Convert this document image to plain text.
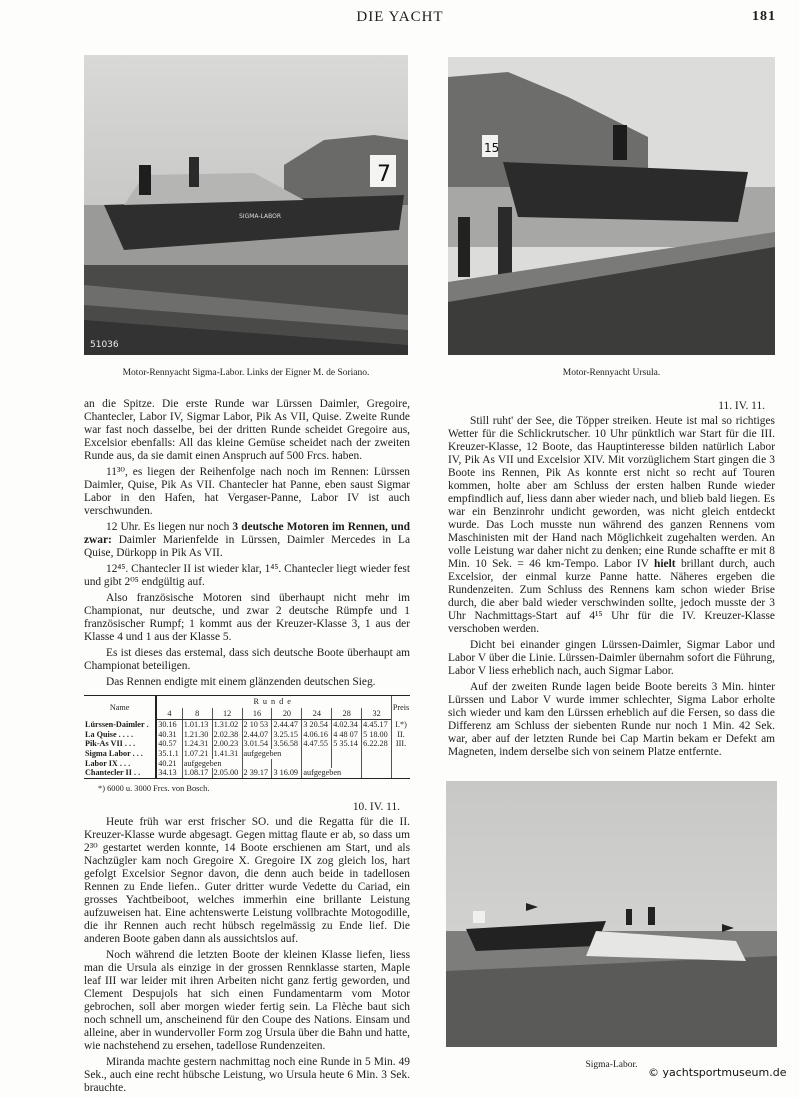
DIE YACHT	181
SIGMA-LABOR
7
51036
Motor-Rennyacht Sigma-Labor. Links der Eigner M. de Soriano.
15
Motor-Rennyacht Ursula.

an die Spitze. Die erste Runde war Lürssen Daimler, Gregoire, Chantecler, Labor IV, Sigmar Labor, Pik As VII, Quise. Zweite Runde war fast noch dasselbe, bei der dritten Runde scheidet Gregoire aus, Excelsior ebenfalls: All das kleine Gemüse scheidet nach der zweiten Runde aus, da sie damit einen Anspruch auf 500 Frcs. haben.

11³⁰, es liegen der Reihenfolge nach noch im Rennen: Lürssen Daimler, Quise, Pik As VII. Chantecler hat Panne, eben saust Sigmar Labor in den Hafen, hat Vergaser-Panne, Labor IV ist auch verschwunden.

12 Uhr. Es liegen nur noch 3 deutsche Motoren im Rennen, und zwar: Daimler Marienfelde in Lürssen, Daimler Mercedes in La Quise, Dürkopp in Pik As VII.

12⁴⁵. Chantecler II ist wieder klar, 1⁴⁵. Chantecler liegt wieder fest und gibt 2⁰⁵ endgültig auf.

Also französische Motoren sind überhaupt nicht mehr im Championat, nur deutsche, und zwar 2 deutsche Rümpfe und 1 französischer Rumpf; 1 kommt aus der Kreuzer-Klasse 3, 1 aus der Klasse 4 und 1 aus der Klasse 5.

Es ist dieses das erstemal, dass sich deutsche Boote überhaupt am Championat beteiligen.

Das Rennen endigte mit einem glänzenden deutschen Sieg.

Name	Runde								Preis
	4	8	12	16	20	24	28	32	
Lürssen-Daimler .	30.16	1.01.13	1.31.02	2 10 53	2.44.47	3 20.54	4.02.34	4.45.17	I.*)
La Quise . . . .	40.31	1.21.30	2.02.38	2.44.07	3.25.15	4.06.16	4 48 07	5 18.00	II.
Pik-As VII . . .	40.57	1.24.31	2.00.23	3.01.54	3.56.58	4.47.55	5 35.14	6.22.28	III.
Sigma Labor . . .	35.1.1	1.07.21	1.41.31	aufgegeben					
Labor IX . . .	40.21	aufgegeben							
Chantecler II . .	34.13	1.08.17	2.05.00	2 39.17	3 16.09	aufgegeben			
*) 6000 u. 3000 Frcs. von Bosch.
10. IV. 11.

Heute früh war erst frischer SO. und die Regatta für die II. Kreuzer-Klasse wurde abgesagt. Gegen mittag flaute er ab, so dass um 2³⁰ gestartet werden konnte, 14 Boote erschienen am Start, und als Nachzügler kam noch Gregoire X. Gregoire IX zog gleich los, hart gefolgt Excelsior Segnor davon, die denn auch beide in tadellosen Rennen zu Ende liefen.. Guter dritter wurde Vedette du Cariad, ein grosses Yachtbeiboot, welches immerhin eine brillante Leistung aufzuweisen hat. Eine achtenswerte Leistung vollbrachte Motogodille, die ihr Rennen auch recht hübsch regelmässig zu Ende lief. Die anderen Boote gaben dann als aussichtslos auf.

Noch während die letzten Boote der kleinen Klasse liefen, liess man die Ursula als einzige in der grossen Rennklasse starten, Maple leaf III war leider mit ihren Arbeiten nicht ganz fertig geworden, und Clement Despujols hat sich einen Fundamentarm vom Motor gebrochen, soll aber morgen wieder fertig sein. La Flèche baut sich noch schnell um, anscheinend für den Coupe des Nations. Einsam und alleine, aber in wundervoller Form zog Ursula über die Bahn und hatte, wie nachstehend zu ersehen, tadellose Rundenzeiten.

Miranda machte gestern nachmittag noch eine Runde in 5 Min. 49 Sek., auch eine recht hübsche Leistung, wo Ursula heute 6 Min. 3 Sek. brauchte.

11. IV. 11.

Still ruht' der See, die Töpper streiken. Heute ist mal so richtiges Wetter für die Schlickrutscher. 10 Uhr pünktlich war Start für die III. Kreuzer-Klasse, 12 Boote, das Hauptinteresse bilden natürlich Labor IV, Pik As VII und Excelsior XIV. Mit vorzüglichem Start gingen die 3 Boote ins Rennen, Pik As konnte erst nicht so recht auf Touren kommen, holte aber am Schluss der ersten halben Runde wieder empfindlich auf, liess dann aber wieder nach, und blieb bald liegen. Es war ein Benzinrohr undicht geworden, was nicht gleich entdeckt wurde. Das Loch musste nun während des ganzen Rennens vom Maschinisten mit der Hand nach Möglichkeit zugehalten werden. An volle Leistung war daher nicht zu denken; eine Runde schaffte er mit 8 Min. 10 Sek. = 46 km-Tempo. Labor IV hielt brillant durch, auch Excelsior, der einmal kurze Panne hatte. Näheres ergeben die Rundenzeiten. Zum Schluss des Rennens kam schon wieder Brise durch, die aber bald wieder verschwinden sollte, jedoch musste der 3 Uhr Nachmittags-Start auf 4¹⁵ Uhr für die IV. Kreuzer-Klasse verschoben werden.

Dicht bei einander gingen Lürssen-Daimler, Sigmar Labor und Labor V über die Linie. Lürssen-Daimler übernahm sofort die Führung, Labor V liess erheblich nach, auch Sigmar Labor.

Auf der zweiten Runde lagen beide Boote bereits 3 Min. hinter Lürssen und Labor V wurde immer schlechter, Sigma Labor erholte sich wieder und kam den Lürssen erheblich auf die Fersen, so dass die Differenz am Schluss der siebenten Runde nur noch 1 Min. 42 Sek. war, aber auf der letzten Runde bei Cap Martin bekam er Defekt am Magneten, indem derselbe sich von seinem Platze entfernte.

Sigma-Labor.
© yachtsportmuseum.de
